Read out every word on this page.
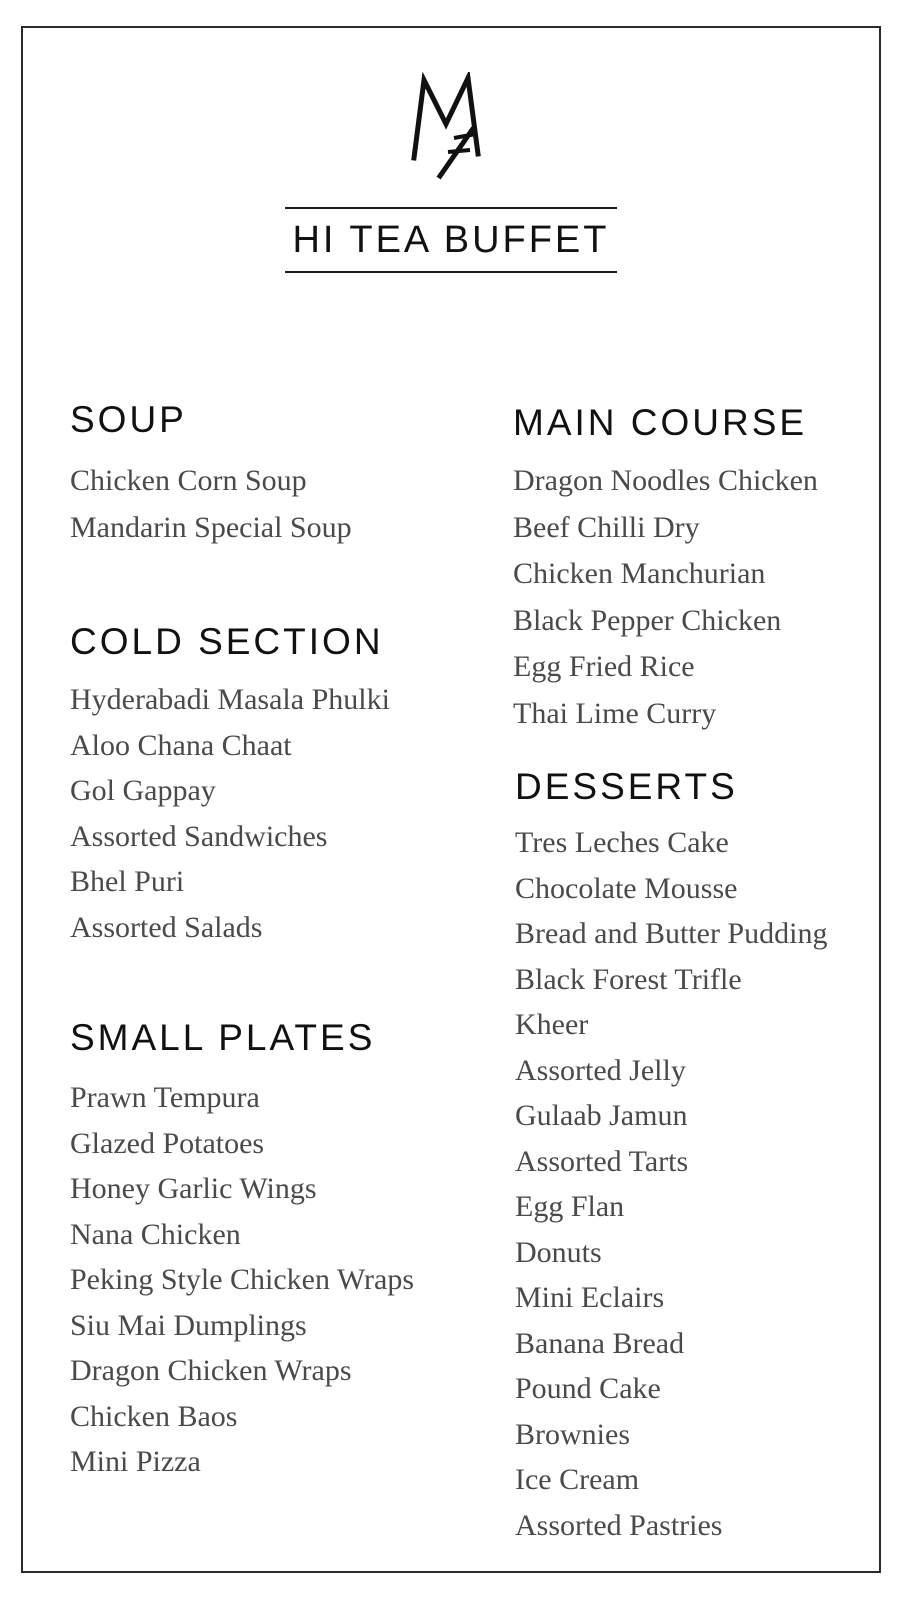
HI TEA BUFFET
SOUP
Chicken Corn Soup
Mandarin Special Soup
COLD SECTION
Hyderabadi Masala Phulki
Aloo Chana Chaat
Gol Gappay
Assorted Sandwiches
Bhel Puri
Assorted Salads
SMALL PLATES
Prawn Tempura
Glazed Potatoes
Honey Garlic Wings
Nana Chicken
Peking Style Chicken Wraps
Siu Mai Dumplings
Dragon Chicken Wraps
Chicken Baos
Mini Pizza
MAIN COURSE
Dragon Noodles Chicken
Beef Chilli Dry
Chicken Manchurian
Black Pepper Chicken
Egg Fried Rice
Thai Lime Curry
DESSERTS
Tres Leches Cake
Chocolate Mousse
Bread and Butter Pudding
Black Forest Trifle
Kheer
Assorted Jelly
Gulaab Jamun
Assorted Tarts
Egg Flan
Donuts
Mini Eclairs
Banana Bread
Pound Cake
Brownies
Ice Cream
Assorted Pastries
